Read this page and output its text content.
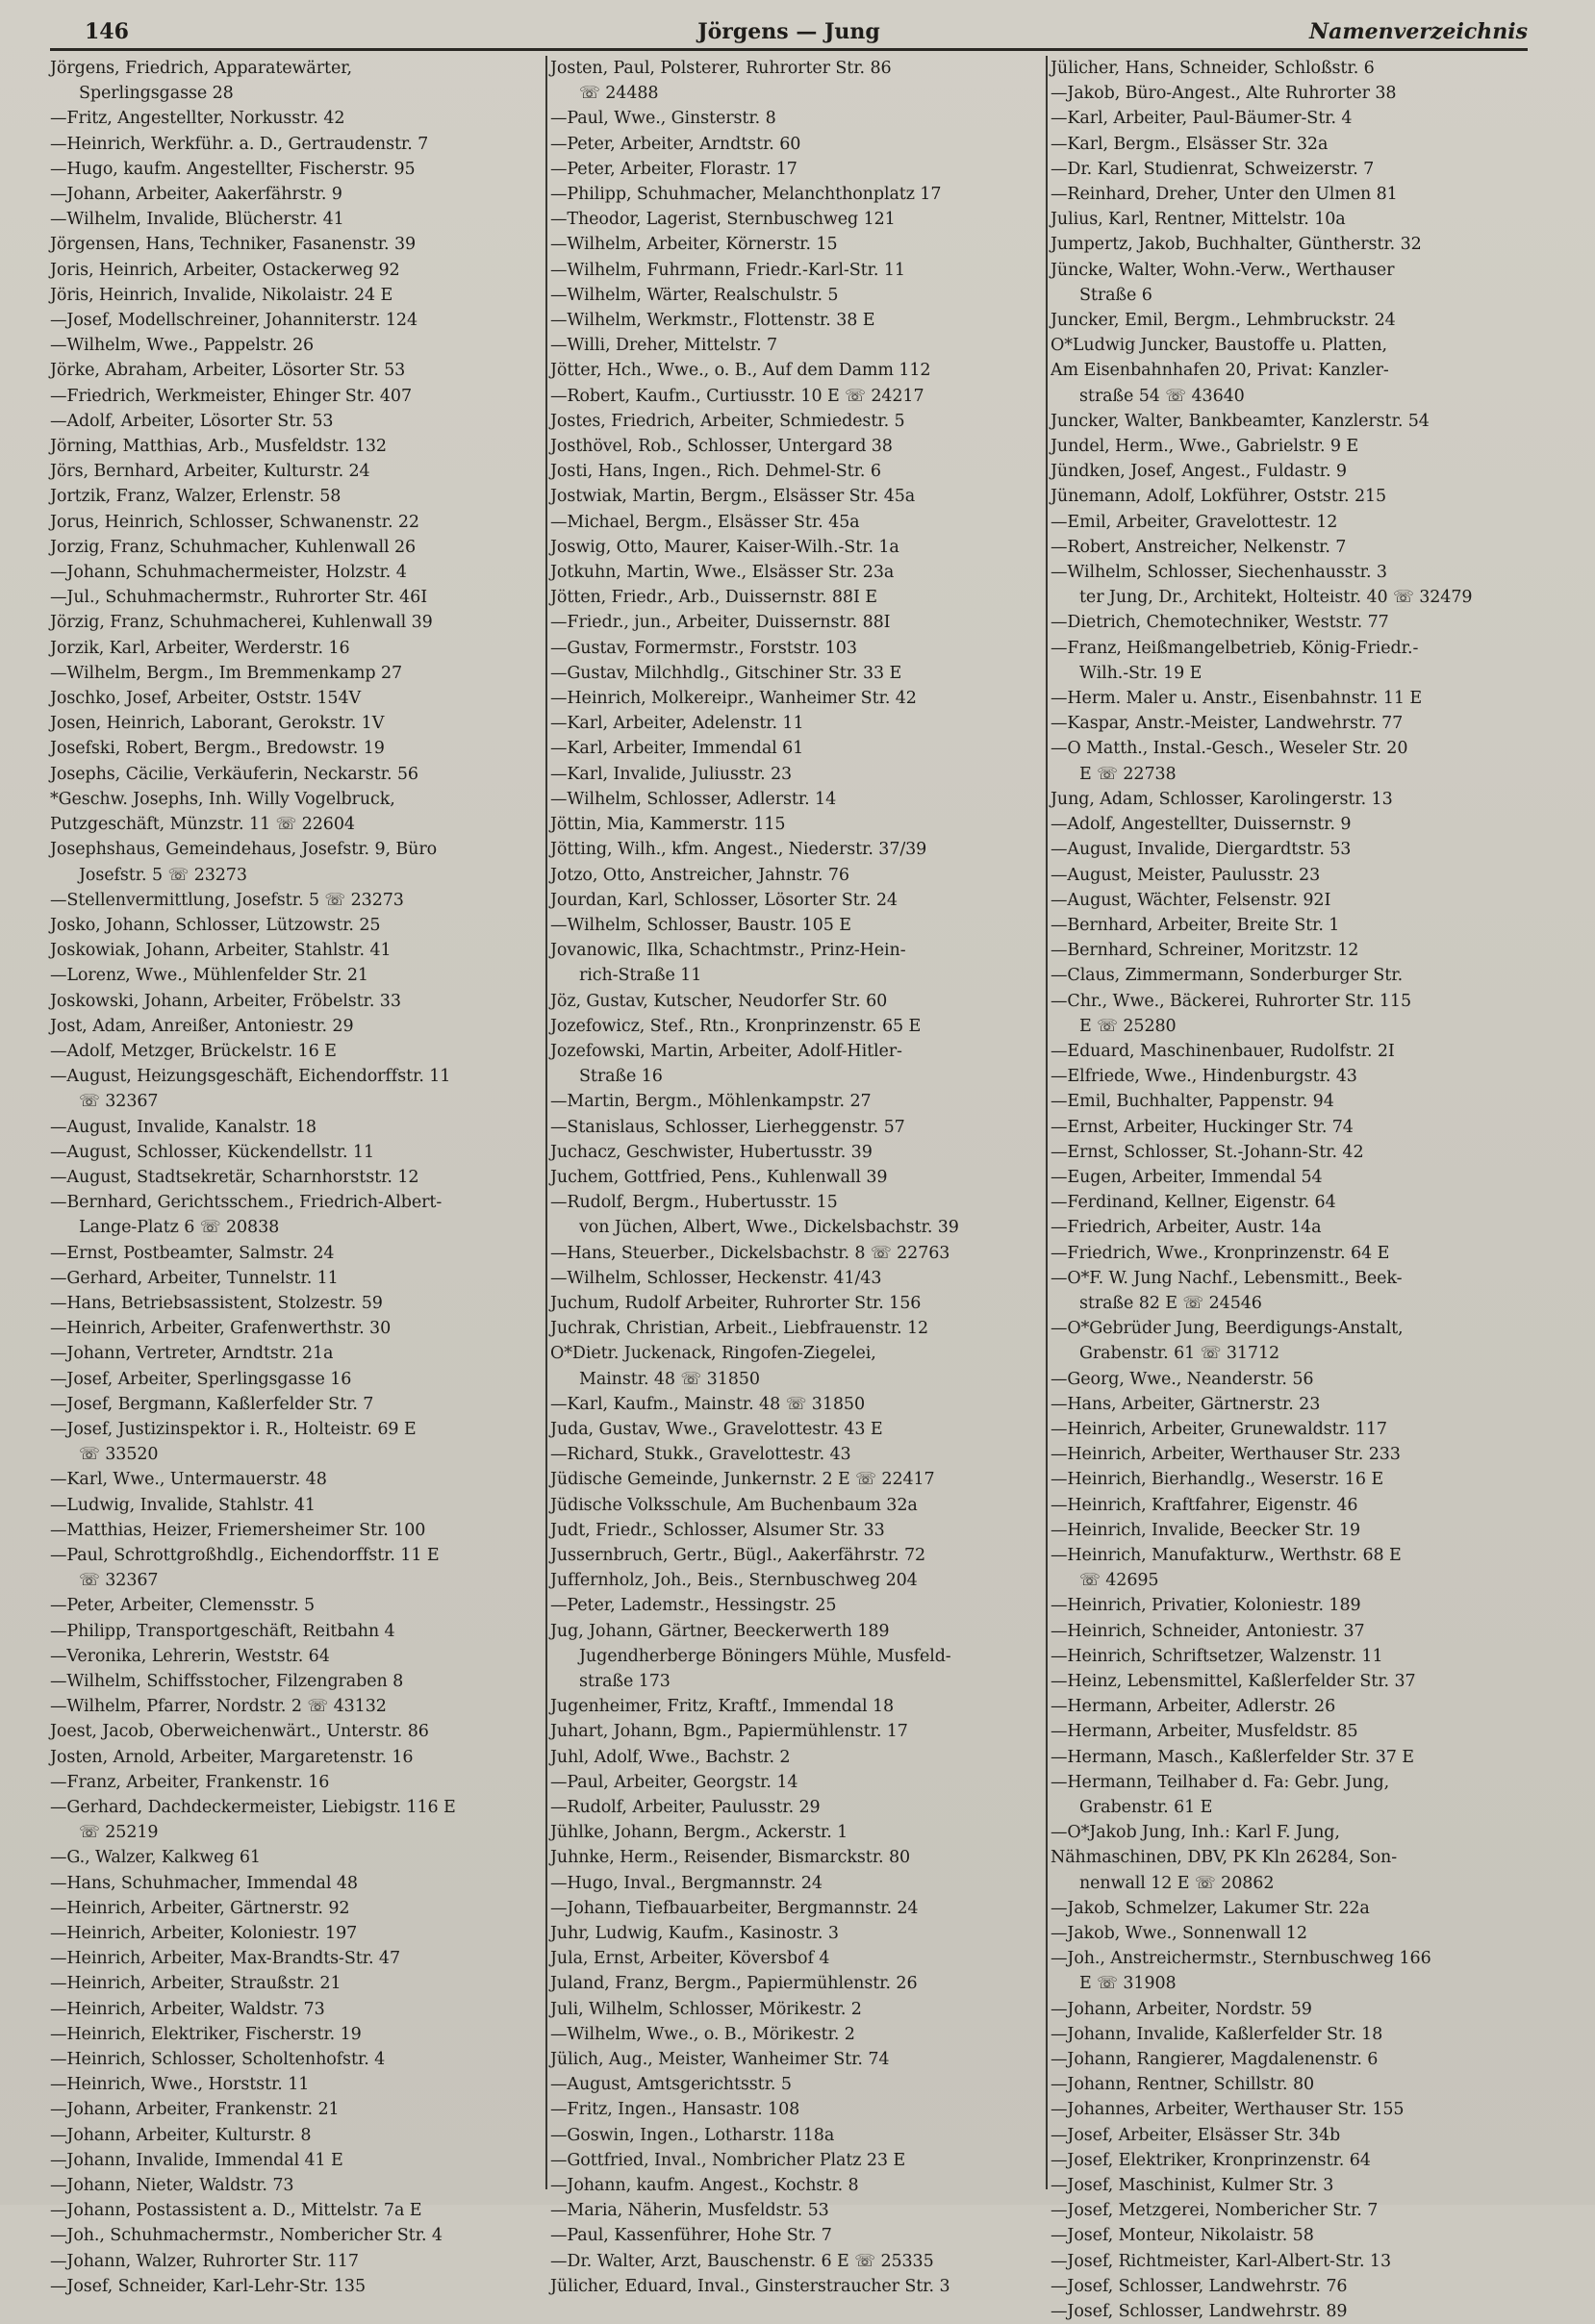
146	Jörgens — Jung	Namenverzeichnis
Jörgens, Friedrich, Apparatewärter,
Sperlingsgasse 28
—Fritz, Angestellter, Norkusstr. 42
—Heinrich, Werkführ. a. D., Gertraudenstr. 7
—Hugo, kaufm. Angestellter, Fischerstr. 95
—Johann, Arbeiter, Aakerfährstr. 9
—Wilhelm, Invalide, Blücherstr. 41
Jörgensen, Hans, Techniker, Fasanenstr. 39
Joris, Heinrich, Arbeiter, Ostackerweg 92
Jöris, Heinrich, Invalide, Nikolaistr. 24 E
—Josef, Modellschreiner, Johanniterstr. 124
—Wilhelm, Wwe., Pappelstr. 26
Jörke, Abraham, Arbeiter, Lösorter Str. 53
—Friedrich, Werkmeister, Ehinger Str. 407
—Adolf, Arbeiter, Lösorter Str. 53
Jörning, Matthias, Arb., Musfeldstr. 132
Jörs, Bernhard, Arbeiter, Kulturstr. 24
Jortzik, Franz, Walzer, Erlenstr. 58
Jorus, Heinrich, Schlosser, Schwanenstr. 22
Jorzig, Franz, Schuhmacher, Kuhlenwall 26
—Johann, Schuhmachermeister, Holzstr. 4
—Jul., Schuhmachermstr., Ruhrorter Str. 46I
Jörzig, Franz, Schuhmacherei, Kuhlenwall 39
Jorzik, Karl, Arbeiter, Werderstr. 16
—Wilhelm, Bergm., Im Bremmenkamp 27
Joschko, Josef, Arbeiter, Oststr. 154V
Josen, Heinrich, Laborant, Gerokstr. 1V
Josefski, Robert, Bergm., Bredowstr. 19
Josephs, Cäcilie, Verkäuferin, Neckarstr. 56
*Geschw. Josephs, Inh. Willy Vogelbruck,
Putzgeschäft, Münzstr. 11 ☏ 22604
Josephshaus, Gemeindehaus, Josefstr. 9, Büro
Josefstr. 5 ☏ 23273
—Stellenvermittlung, Josefstr. 5 ☏ 23273
Josko, Johann, Schlosser, Lützowstr. 25
Joskowiak, Johann, Arbeiter, Stahlstr. 41
—Lorenz, Wwe., Mühlenfelder Str. 21
Joskowski, Johann, Arbeiter, Fröbelstr. 33
Jost, Adam, Anreißer, Antoniestr. 29
—Adolf, Metzger, Brückelstr. 16 E
—August, Heizungsgeschäft, Eichendorffstr. 11
☏ 32367
—August, Invalide, Kanalstr. 18
—August, Schlosser, Kückendellstr. 11
—August, Stadtsekretär, Scharnhorststr. 12
—Bernhard, Gerichtsschem., Friedrich-Albert-
Lange-Platz 6 ☏ 20838
—Ernst, Postbeamter, Salmstr. 24
—Gerhard, Arbeiter, Tunnelstr. 11
—Hans, Betriebsassistent, Stolzestr. 59
—Heinrich, Arbeiter, Grafenwerthstr. 30
—Johann, Vertreter, Arndtstr. 21a
—Josef, Arbeiter, Sperlingsgasse 16
—Josef, Bergmann, Kaßlerfelder Str. 7
—Josef, Justizinspektor i. R., Holteistr. 69 E
☏ 33520
—Karl, Wwe., Untermauerstr. 48
—Ludwig, Invalide, Stahlstr. 41
—Matthias, Heizer, Friemersheimer Str. 100
—Paul, Schrottgroßhdlg., Eichendorffstr. 11 E
☏ 32367
—Peter, Arbeiter, Clemensstr. 5
—Philipp, Transportgeschäft, Reitbahn 4
—Veronika, Lehrerin, Weststr. 64
—Wilhelm, Schiffsstocher, Filzengraben 8
—Wilhelm, Pfarrer, Nordstr. 2 ☏ 43132
Joest, Jacob, Oberweichenwärt., Unterstr. 86
Josten, Arnold, Arbeiter, Margaretenstr. 16
—Franz, Arbeiter, Frankenstr. 16
—Gerhard, Dachdeckermeister, Liebigstr. 116 E
☏ 25219
—G., Walzer, Kalkweg 61
—Hans, Schuhmacher, Immendal 48
—Heinrich, Arbeiter, Gärtnerstr. 92
—Heinrich, Arbeiter, Koloniestr. 197
—Heinrich, Arbeiter, Max-Brandts-Str. 47
—Heinrich, Arbeiter, Straußstr. 21
—Heinrich, Arbeiter, Waldstr. 73
—Heinrich, Elektriker, Fischerstr. 19
—Heinrich, Schlosser, Scholtenhofstr. 4
—Heinrich, Wwe., Horststr. 11
—Johann, Arbeiter, Frankenstr. 21
—Johann, Arbeiter, Kulturstr. 8
—Johann, Invalide, Immendal 41 E
—Johann, Nieter, Waldstr. 73
—Johann, Postassistent a. D., Mittelstr. 7a E
—Joh., Schuhmachermstr., Nombericher Str. 4
—Johann, Walzer, Ruhrorter Str. 117
—Josef, Schneider, Karl-Lehr-Str. 135
Josten, Paul, Polsterer, Ruhrorter Str. 86
☏ 24488
—Paul, Wwe., Ginsterstr. 8
—Peter, Arbeiter, Arndtstr. 60
—Peter, Arbeiter, Florastr. 17
—Philipp, Schuhmacher, Melanchthonplatz 17
—Theodor, Lagerist, Sternbuschweg 121
—Wilhelm, Arbeiter, Körnerstr. 15
—Wilhelm, Fuhrmann, Friedr.-Karl-Str. 11
—Wilhelm, Wärter, Realschulstr. 5
—Wilhelm, Werkmstr., Flottenstr. 38 E
—Willi, Dreher, Mittelstr. 7
Jötter, Hch., Wwe., o. B., Auf dem Damm 112
—Robert, Kaufm., Curtiusstr. 10 E ☏ 24217
Jostes, Friedrich, Arbeiter, Schmiedestr. 5
Josthövel, Rob., Schlosser, Untergard 38
Josti, Hans, Ingen., Rich. Dehmel-Str. 6
Jostwiak, Martin, Bergm., Elsässer Str. 45a
—Michael, Bergm., Elsässer Str. 45a
Joswig, Otto, Maurer, Kaiser-Wilh.-Str. 1a
Jotkuhn, Martin, Wwe., Elsässer Str. 23a
Jötten, Friedr., Arb., Duissernstr. 88I E
—Friedr., jun., Arbeiter, Duissernstr. 88I
—Gustav, Formermstr., Forststr. 103
—Gustav, Milchhdlg., Gitschiner Str. 33 E
—Heinrich, Molkereipr., Wanheimer Str. 42
—Karl, Arbeiter, Adelenstr. 11
—Karl, Arbeiter, Immendal 61
—Karl, Invalide, Juliusstr. 23
—Wilhelm, Schlosser, Adlerstr. 14
Jöttin, Mia, Kammerstr. 115
Jötting, Wilh., kfm. Angest., Niederstr. 37/39
Jotzo, Otto, Anstreicher, Jahnstr. 76
Jourdan, Karl, Schlosser, Lösorter Str. 24
—Wilhelm, Schlosser, Baustr. 105 E
Jovanowic, Ilka, Schachtmstr., Prinz-Hein-
rich-Straße 11
Jöz, Gustav, Kutscher, Neudorfer Str. 60
Jozefowicz, Stef., Rtn., Kronprinzenstr. 65 E
Jozefowski, Martin, Arbeiter, Adolf-Hitler-
Straße 16
—Martin, Bergm., Möhlenkampstr. 27
—Stanislaus, Schlosser, Lierheggenstr. 57
Juchacz, Geschwister, Hubertusstr. 39
Juchem, Gottfried, Pens., Kuhlenwall 39
—Rudolf, Bergm., Hubertusstr. 15
von Jüchen, Albert, Wwe., Dickelsbachstr. 39
—Hans, Steuerber., Dickelsbachstr. 8 ☏ 22763
—Wilhelm, Schlosser, Heckenstr. 41/43
Juchum, Rudolf Arbeiter, Ruhrorter Str. 156
Juchrak, Christian, Arbeit., Liebfrauenstr. 12
O*Dietr. Juckenack, Ringofen-Ziegelei,
Mainstr. 48 ☏ 31850
—Karl, Kaufm., Mainstr. 48 ☏ 31850
Juda, Gustav, Wwe., Gravelottestr. 43 E
—Richard, Stukk., Gravelottestr. 43
Jüdische Gemeinde, Junkernstr. 2 E ☏ 22417
Jüdische Volksschule, Am Buchenbaum 32a
Judt, Friedr., Schlosser, Alsumer Str. 33
Jussernbruch, Gertr., Bügl., Aakerfährstr. 72
Juffernholz, Joh., Beis., Sternbuschweg 204
—Peter, Lademstr., Hessingstr. 25
Jug, Johann, Gärtner, Beeckerwerth 189
Jugendherberge Böningers Mühle, Musfeld-
straße 173
Jugenheimer, Fritz, Kraftf., Immendal 18
Juhart, Johann, Bgm., Papiermühlenstr. 17
Juhl, Adolf, Wwe., Bachstr. 2
—Paul, Arbeiter, Georgstr. 14
—Rudolf, Arbeiter, Paulusstr. 29
Jühlke, Johann, Bergm., Ackerstr. 1
Juhnke, Herm., Reisender, Bismarckstr. 80
—Hugo, Inval., Bergmannstr. 24
—Johann, Tiefbauarbeiter, Bergmannstr. 24
Juhr, Ludwig, Kaufm., Kasinostr. 3
Jula, Ernst, Arbeiter, Köversbof 4
Juland, Franz, Bergm., Papiermühlenstr. 26
Juli, Wilhelm, Schlosser, Mörikestr. 2
—Wilhelm, Wwe., o. B., Mörikestr. 2
Jülich, Aug., Meister, Wanheimer Str. 74
—August, Amtsgerichtsstr. 5
—Fritz, Ingen., Hansastr. 108
—Goswin, Ingen., Lotharstr. 118a
—Gottfried, Inval., Nombricher Platz 23 E
—Johann, kaufm. Angest., Kochstr. 8
—Maria, Näherin, Musfeldstr. 53
—Paul, Kassenführer, Hohe Str. 7
—Dr. Walter, Arzt, Bauschenstr. 6 E ☏ 25335
Jülicher, Eduard, Inval., Ginsterstraucher Str. 3
Jülicher, Hans, Schneider, Schloßstr. 6
—Jakob, Büro-Angest., Alte Ruhrorter 38
—Karl, Arbeiter, Paul-Bäumer-Str. 4
—Karl, Bergm., Elsässer Str. 32a
—Dr. Karl, Studienrat, Schweizerstr. 7
—Reinhard, Dreher, Unter den Ulmen 81
Julius, Karl, Rentner, Mittelstr. 10a
Jumpertz, Jakob, Buchhalter, Güntherstr. 32
Jüncke, Walter, Wohn.-Verw., Werthauser
Straße 6
Juncker, Emil, Bergm., Lehmbruckstr. 24
O*Ludwig Juncker, Baustoffe u. Platten,
Am Eisenbahnhafen 20, Privat: Kanzler-
straße 54 ☏ 43640
Juncker, Walter, Bankbeamter, Kanzlerstr. 54
Jundel, Herm., Wwe., Gabrielstr. 9 E
Jündken, Josef, Angest., Fuldastr. 9
Jünemann, Adolf, Lokführer, Oststr. 215
—Emil, Arbeiter, Gravelottestr. 12
—Robert, Anstreicher, Nelkenstr. 7
—Wilhelm, Schlosser, Siechenhausstr. 3
ter Jung, Dr., Architekt, Holteistr. 40 ☏ 32479
—Dietrich, Chemotechniker, Weststr. 77
—Franz, Heißmangelbetrieb, König-Friedr.-
Wilh.-Str. 19 E
—Herm. Maler u. Anstr., Eisenbahnstr. 11 E
—Kaspar, Anstr.-Meister, Landwehrstr. 77
—O Matth., Instal.-Gesch., Weseler Str. 20
E ☏ 22738
Jung, Adam, Schlosser, Karolingerstr. 13
—Adolf, Angestellter, Duissernstr. 9
—August, Invalide, Diergardtstr. 53
—August, Meister, Paulusstr. 23
—August, Wächter, Felsenstr. 92I
—Bernhard, Arbeiter, Breite Str. 1
—Bernhard, Schreiner, Moritzstr. 12
—Claus, Zimmermann, Sonderburger Str.
—Chr., Wwe., Bäckerei, Ruhrorter Str. 115
E ☏ 25280
—Eduard, Maschinenbauer, Rudolfstr. 2I
—Elfriede, Wwe., Hindenburgstr. 43
—Emil, Buchhalter, Pappenstr. 94
—Ernst, Arbeiter, Huckinger Str. 74
—Ernst, Schlosser, St.-Johann-Str. 42
—Eugen, Arbeiter, Immendal 54
—Ferdinand, Kellner, Eigenstr. 64
—Friedrich, Arbeiter, Austr. 14a
—Friedrich, Wwe., Kronprinzenstr. 64 E
—O*F. W. Jung Nachf., Lebensmitt., Beek-
straße 82 E ☏ 24546
—O*Gebrüder Jung, Beerdigungs-Anstalt,
Grabenstr. 61 ☏ 31712
—Georg, Wwe., Neanderstr. 56
—Hans, Arbeiter, Gärtnerstr. 23
—Heinrich, Arbeiter, Grunewaldstr. 117
—Heinrich, Arbeiter, Werthauser Str. 233
—Heinrich, Bierhandlg., Weserstr. 16 E
—Heinrich, Kraftfahrer, Eigenstr. 46
—Heinrich, Invalide, Beecker Str. 19
—Heinrich, Manufakturw., Werthstr. 68 E
☏ 42695
—Heinrich, Privatier, Koloniestr. 189
—Heinrich, Schneider, Antoniestr. 37
—Heinrich, Schriftsetzer, Walzenstr. 11
—Heinz, Lebensmittel, Kaßlerfelder Str. 37
—Hermann, Arbeiter, Adlerstr. 26
—Hermann, Arbeiter, Musfeldstr. 85
—Hermann, Masch., Kaßlerfelder Str. 37 E
—Hermann, Teilhaber d. Fa: Gebr. Jung,
Grabenstr. 61 E
—O*Jakob Jung, Inh.: Karl F. Jung,
Nähmaschinen, DBV, PK Kln 26284, Son-
nenwall 12 E ☏ 20862
—Jakob, Schmelzer, Lakumer Str. 22a
—Jakob, Wwe., Sonnenwall 12
—Joh., Anstreichermstr., Sternbuschweg 166
E ☏ 31908
—Johann, Arbeiter, Nordstr. 59
—Johann, Invalide, Kaßlerfelder Str. 18
—Johann, Rangierer, Magdalenenstr. 6
—Johann, Rentner, Schillstr. 80
—Johannes, Arbeiter, Werthauser Str. 155
—Josef, Arbeiter, Elsässer Str. 34b
—Josef, Elektriker, Kronprinzenstr. 64
—Josef, Maschinist, Kulmer Str. 3
—Josef, Metzgerei, Nombericher Str. 7
—Josef, Monteur, Nikolaistr. 58
—Josef, Richtmeister, Karl-Albert-Str. 13
—Josef, Schlosser, Landwehrstr. 76
—Josef, Schlosser, Landwehrstr. 89
